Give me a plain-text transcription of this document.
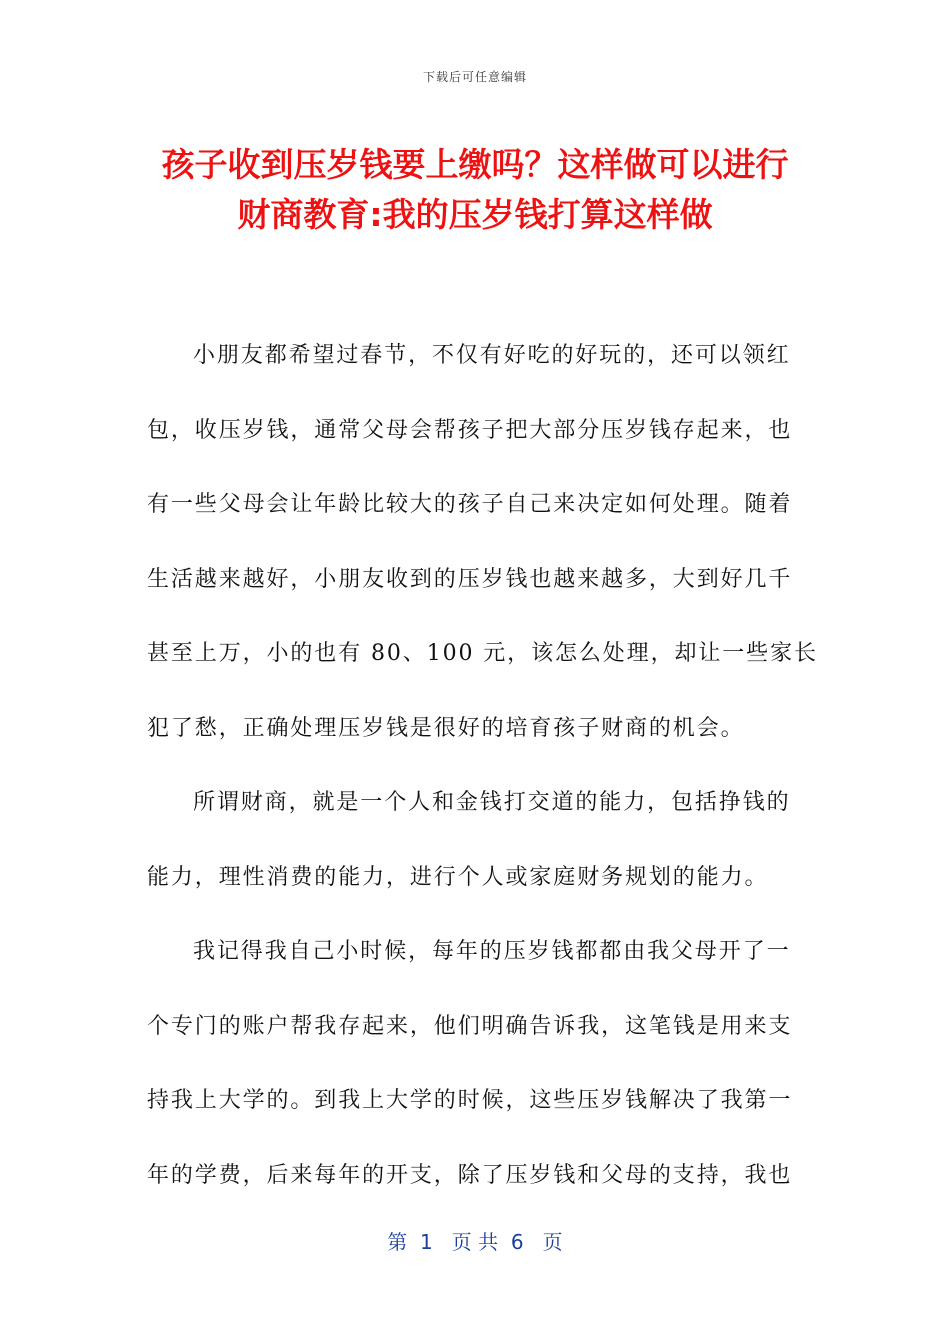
下载后可任意编辑
孩子收到压岁钱要上缴吗？这样做可以进行
财商教育:我的压岁钱打算这样做

小朋友都希望过春节，不仅有好吃的好玩的，还可以领红
包，收压岁钱，通常父母会帮孩子把大部分压岁钱存起来，也
有一些父母会让年龄比较大的孩子自己来决定如何处理。随着
生活越来越好，小朋友收到的压岁钱也越来越多，大到好几千
甚至上万，小的也有 80、100 元，该怎么处理，却让一些家长
犯了愁，正确处理压岁钱是很好的培育孩子财商的机会。

所谓财商，就是一个人和金钱打交道的能力，包括挣钱的
能力，理性消费的能力，进行个人或家庭财务规划的能力。

我记得我自己小时候，每年的压岁钱都都由我父母开了一
个专门的账户帮我存起来，他们明确告诉我，这笔钱是用来支
持我上大学的。到我上大学的时候，这些压岁钱解决了我第一
年的学费，后来每年的开支，除了压岁钱和父母的支持，我也

第  1   页 共  6   页
